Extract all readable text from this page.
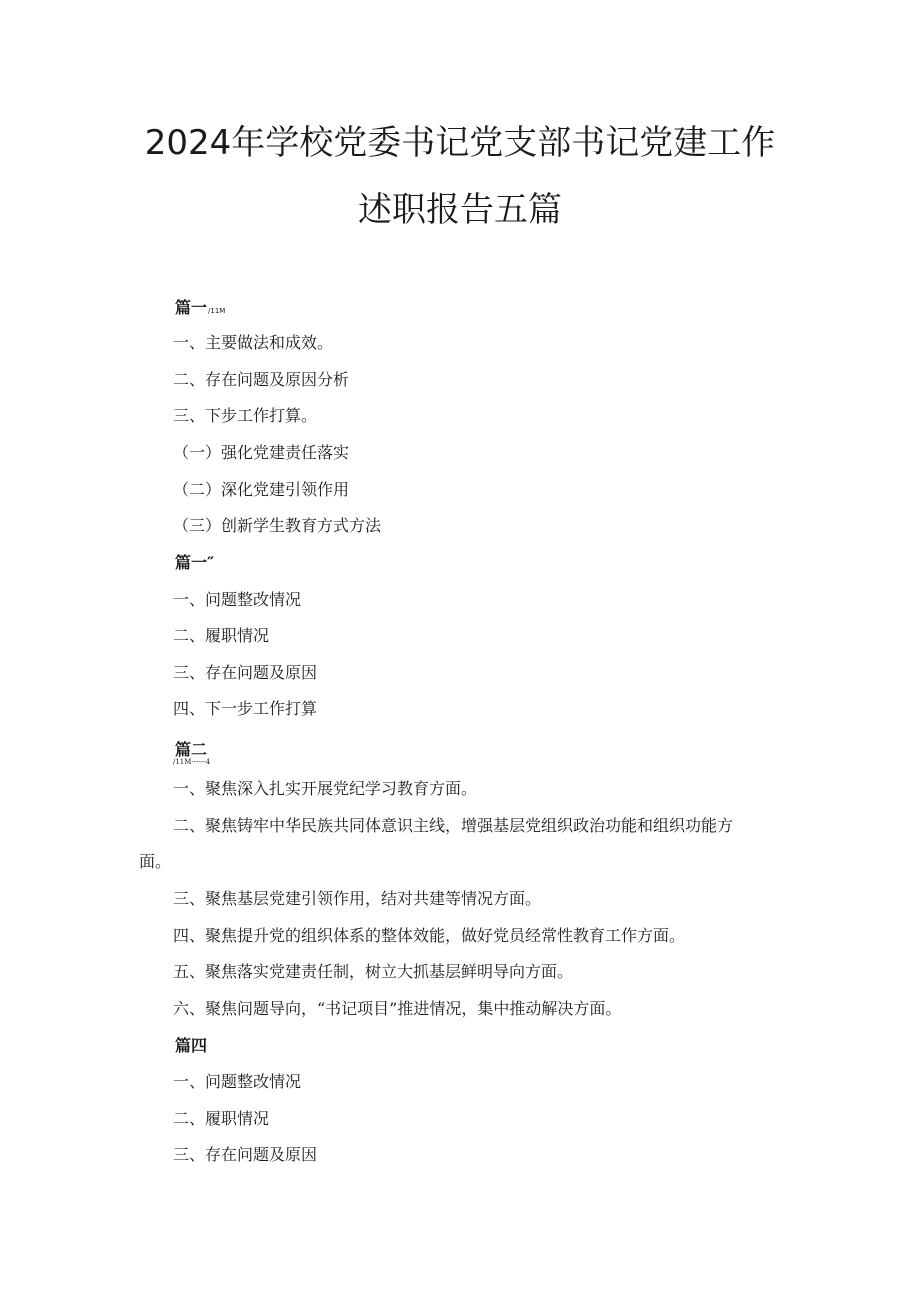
2024年学校党委书记党支部书记党建工作
述职报告五篇
篇一/11M
一、主要做法和成效。
二、存在问题及原因分析
三、下步工作打算。
（一）强化党建责任落实
（二）深化党建引领作用
（三）创新学生教育方式方法
篇一″
一、问题整改情况
二、履职情况
三、存在问题及原因
四、下一步工作打算
篇二
/11M------4
一、聚焦深入扎实开展党纪学习教育方面。
二、聚焦铸牢中华民族共同体意识主线，增强基层党组织政治功能和组织功能方
面。
三、聚焦基层党建引领作用，结对共建等情况方面。
四、聚焦提升党的组织体系的整体效能，做好党员经常性教育工作方面。
五、聚焦落实党建责任制，树立大抓基层鲜明导向方面。
六、聚焦问题导向，“书记项目”推进情况，集中推动解决方面。
篇四
一、问题整改情况
二、履职情况
三、存在问题及原因
